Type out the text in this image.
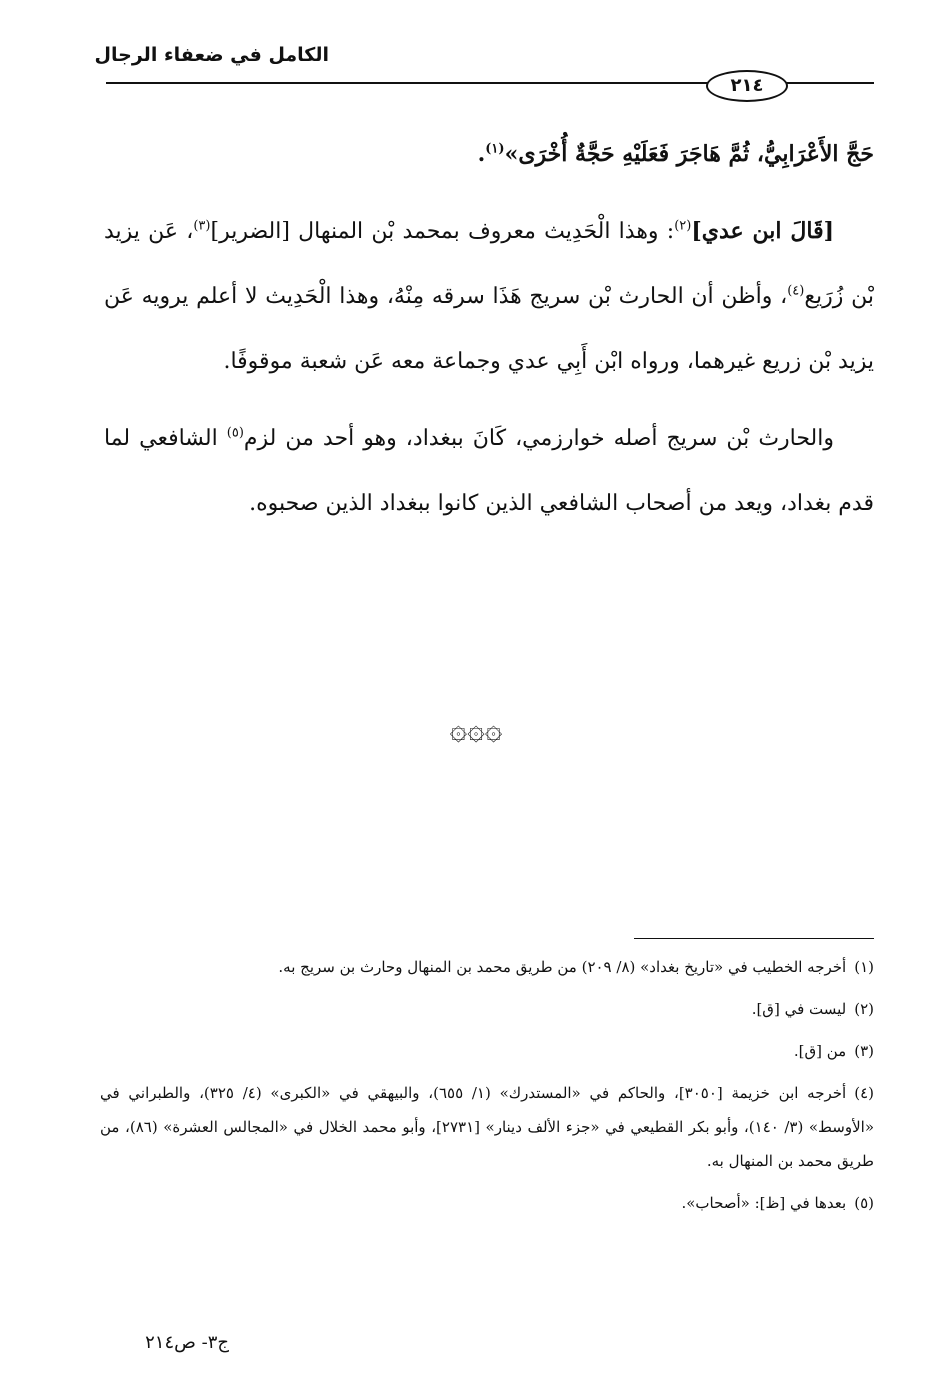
الكامل في ضعفاء الرجال
٢١٤

حَجَّ الأَعْرَابِيُّ، ثُمَّ هَاجَرَ فَعَلَيْهِ حَجَّةٌ أُخْرَى»$^{(١)}$.

[قَالَ ابن عدي]$^{(٢)}$: وهذا الْحَدِيث معروف بمحمد بْن المنهال [الضرير]$^{(٣)}$، عَن يزيد بْن زُرَيع$^{(٤)}$، وأظن أن الحارث بْن سريج هَذَا سرقه مِنْهُ، وهذا الْحَدِيث لا أعلم يرويه عَن يزيد بْن زريع غيرهما، ورواه ابْن أَبِي عدي وجماعة معه عَن شعبة موقوفًا.

والحارث بْن سريج أصله خوارزمي، كَانَ ببغداد، وهو أحد من لزم$^{(٥)}$ الشافعي لما قدم بغداد، ويعد من أصحاب الشافعي الذين كانوا ببغداد الذين صحبوه.

۞۞۞
(١)أخرجه الخطيب في «تاريخ بغداد» (٨/ ٢٠٩) من طريق محمد بن المنهال وحارث بن سريج به.
(٢)ليست في [ق].
(٣)من [ق].
(٤)أخرجه ابن خزيمة [٣٠٥٠]، والحاكم في «المستدرك» (١/ ٦٥٥)، والبيهقي في «الكبرى» (٤/ ٣٢٥)، والطبراني في «الأوسط» (٣/ ١٤٠)، وأبو بكر القطيعي في «جزء الألف دينار» [٢٧٣١]، وأبو محمد الخلال في «المجالس العشرة» (٨٦)، من طريق محمد بن المنهال به.
(٥)بعدها في [ظ]: «أصحاب».
ج٣- ص٢١٤
